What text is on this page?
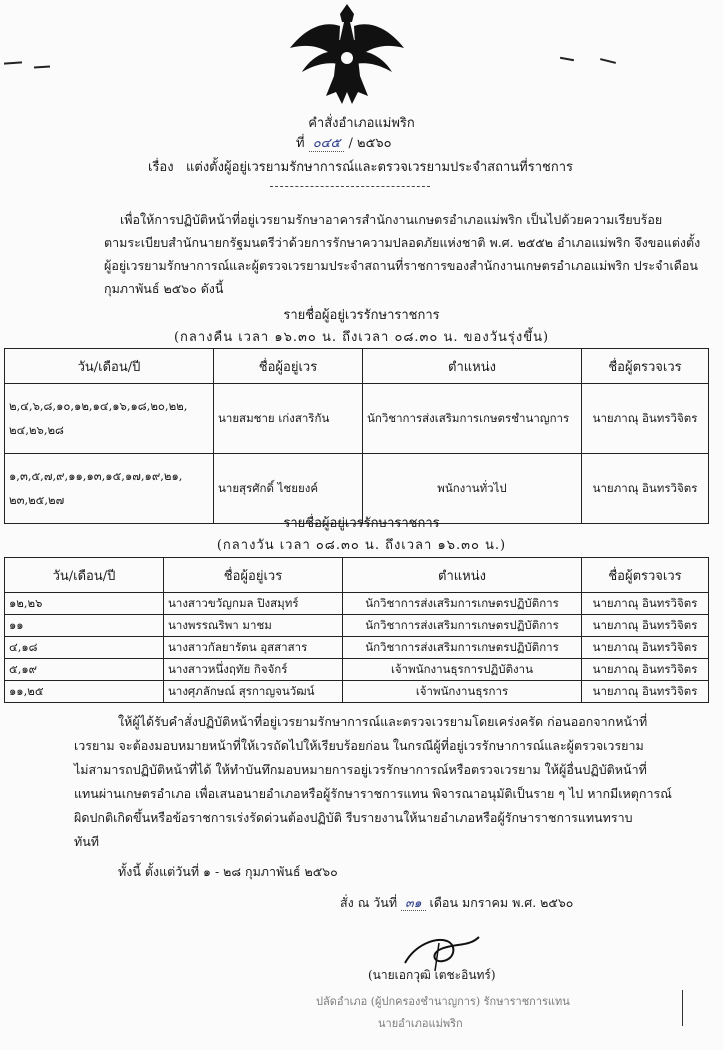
คำสั่งอำเภอแม่พริก
ที่ ๐๔๕ / ๒๕๖๐
เรื่อง แต่งตั้งผู้อยู่เวรยามรักษาการณ์และตรวจเวรยามประจำสถานที่ราชการ
เพื่อให้การปฏิบัติหน้าที่อยู่เวรยามรักษาอาคารสำนักงานเกษตรอำเภอแม่พริก เป็นไปด้วยความเรียบร้อย
ตามระเบียบสำนักนายกรัฐมนตรีว่าด้วยการรักษาความปลอดภัยแห่งชาติ พ.ศ. ๒๕๕๒ อำเภอแม่พริก จึงขอแต่งตั้ง
ผู้อยู่เวรยามรักษาการณ์และผู้ตรวจเวรยามประจำสถานที่ราชการของสำนักงานเกษตรอำเภอแม่พริก ประจำเดือน
กุมภาพันธ์ ๒๕๖๐ ดังนี้
รายชื่อผู้อยู่เวรรักษาราชการ
(กลางคืน เวลา ๑๖.๓๐ น. ถึงเวลา ๐๘.๓๐ น. ของวันรุ่งขึ้น)
วัน/เดือน/ปี	ชื่อผู้อยู่เวร	ตำแหน่ง	ชื่อผู้ตรวจเวร

๒,๔,๖,๘,๑๐,๑๒,๑๔,๑๖,๑๘,๒๐,๒๒,
๒๔,๒๖,๒๘	นายสมชาย เก่งสาริกัน	นักวิชาการส่งเสริมการเกษตรชำนาญการ	นายภาณุ อินทรวิจิตร

๑,๓,๕,๗,๙,๑๑,๑๓,๑๕,๑๗,๑๙,๒๑,
๒๓,๒๕,๒๗	นายสุรศักดิ์ ไชยยงค์	พนักงานทั่วไป	นายภาณุ อินทรวิจิตร
รายชื่อผู้อยู่เวรรักษาราชการ
(กลางวัน เวลา ๐๘.๓๐ น. ถึงเวลา ๑๖.๓๐ น.)
วัน/เดือน/ปี	ชื่อผู้อยู่เวร	ตำแหน่ง	ชื่อผู้ตรวจเวร
๑๒,๒๖	นางสาวขวัญกมล ปิงสมุทร์	นักวิชาการส่งเสริมการเกษตรปฏิบัติการ	นายภาณุ อินทรวิจิตร
๑๑	นางพรรณริพา มาชม	นักวิชาการส่งเสริมการเกษตรปฏิบัติการ	นายภาณุ อินทรวิจิตร
๔,๑๘	นางสาวกัลยารัตน อุสสาสาร	นักวิชาการส่งเสริมการเกษตรปฏิบัติการ	นายภาณุ อินทรวิจิตร
๕,๑๙	นางสาวหนึ่งฤทัย กิจจักร์	เจ้าพนักงานธุรการปฏิบัติงาน	นายภาณุ อินทรวิจิตร
๑๑,๒๕	นางศุภลักษณ์ สุรกาญจนวัฒน์	เจ้าพนักงานธุรการ	นายภาณุ อินทรวิจิตร
ให้ผู้ได้รับคำสั่งปฏิบัติหน้าที่อยู่เวรยามรักษาการณ์และตรวจเวรยามโดยเคร่งครัด ก่อนออกจากหน้าที่
เวรยาม จะต้องมอบหมายหน้าที่ให้เวรถัดไปให้เรียบร้อยก่อน ในกรณีผู้ที่อยู่เวรรักษาการณ์และผู้ตรวจเวรยาม
ไม่สามารถปฏิบัติหน้าที่ได้ ให้ทำบันทึกมอบหมายการอยู่เวรรักษาการณ์หรือตรวจเวรยาม ให้ผู้อื่นปฏิบัติหน้าที่
แทนผ่านเกษตรอำเภอ เพื่อเสนอนายอำเภอหรือผู้รักษาราชการแทน พิจารณาอนุมัติเป็นราย ๆ ไป หากมีเหตุการณ์
ผิดปกติเกิดขึ้นหรือข้อราชการเร่งรัดด่วนต้องปฏิบัติ รีบรายงานให้นายอำเภอหรือผู้รักษาราชการแทนทราบ
ทันที
ทั้งนี้ ตั้งแต่วันที่ ๑ - ๒๘ กุมภาพันธ์ ๒๕๖๐
สั่ง ณ วันที่ ๓๑ เดือน มกราคม พ.ศ. ๒๕๖๐
(นายเอกวุฒิ เตชะอินทร์)
ปลัดอำเภอ (ผู้ปกครองชำนาญการ) รักษาราชการแทน
นายอำเภอแม่พริก
